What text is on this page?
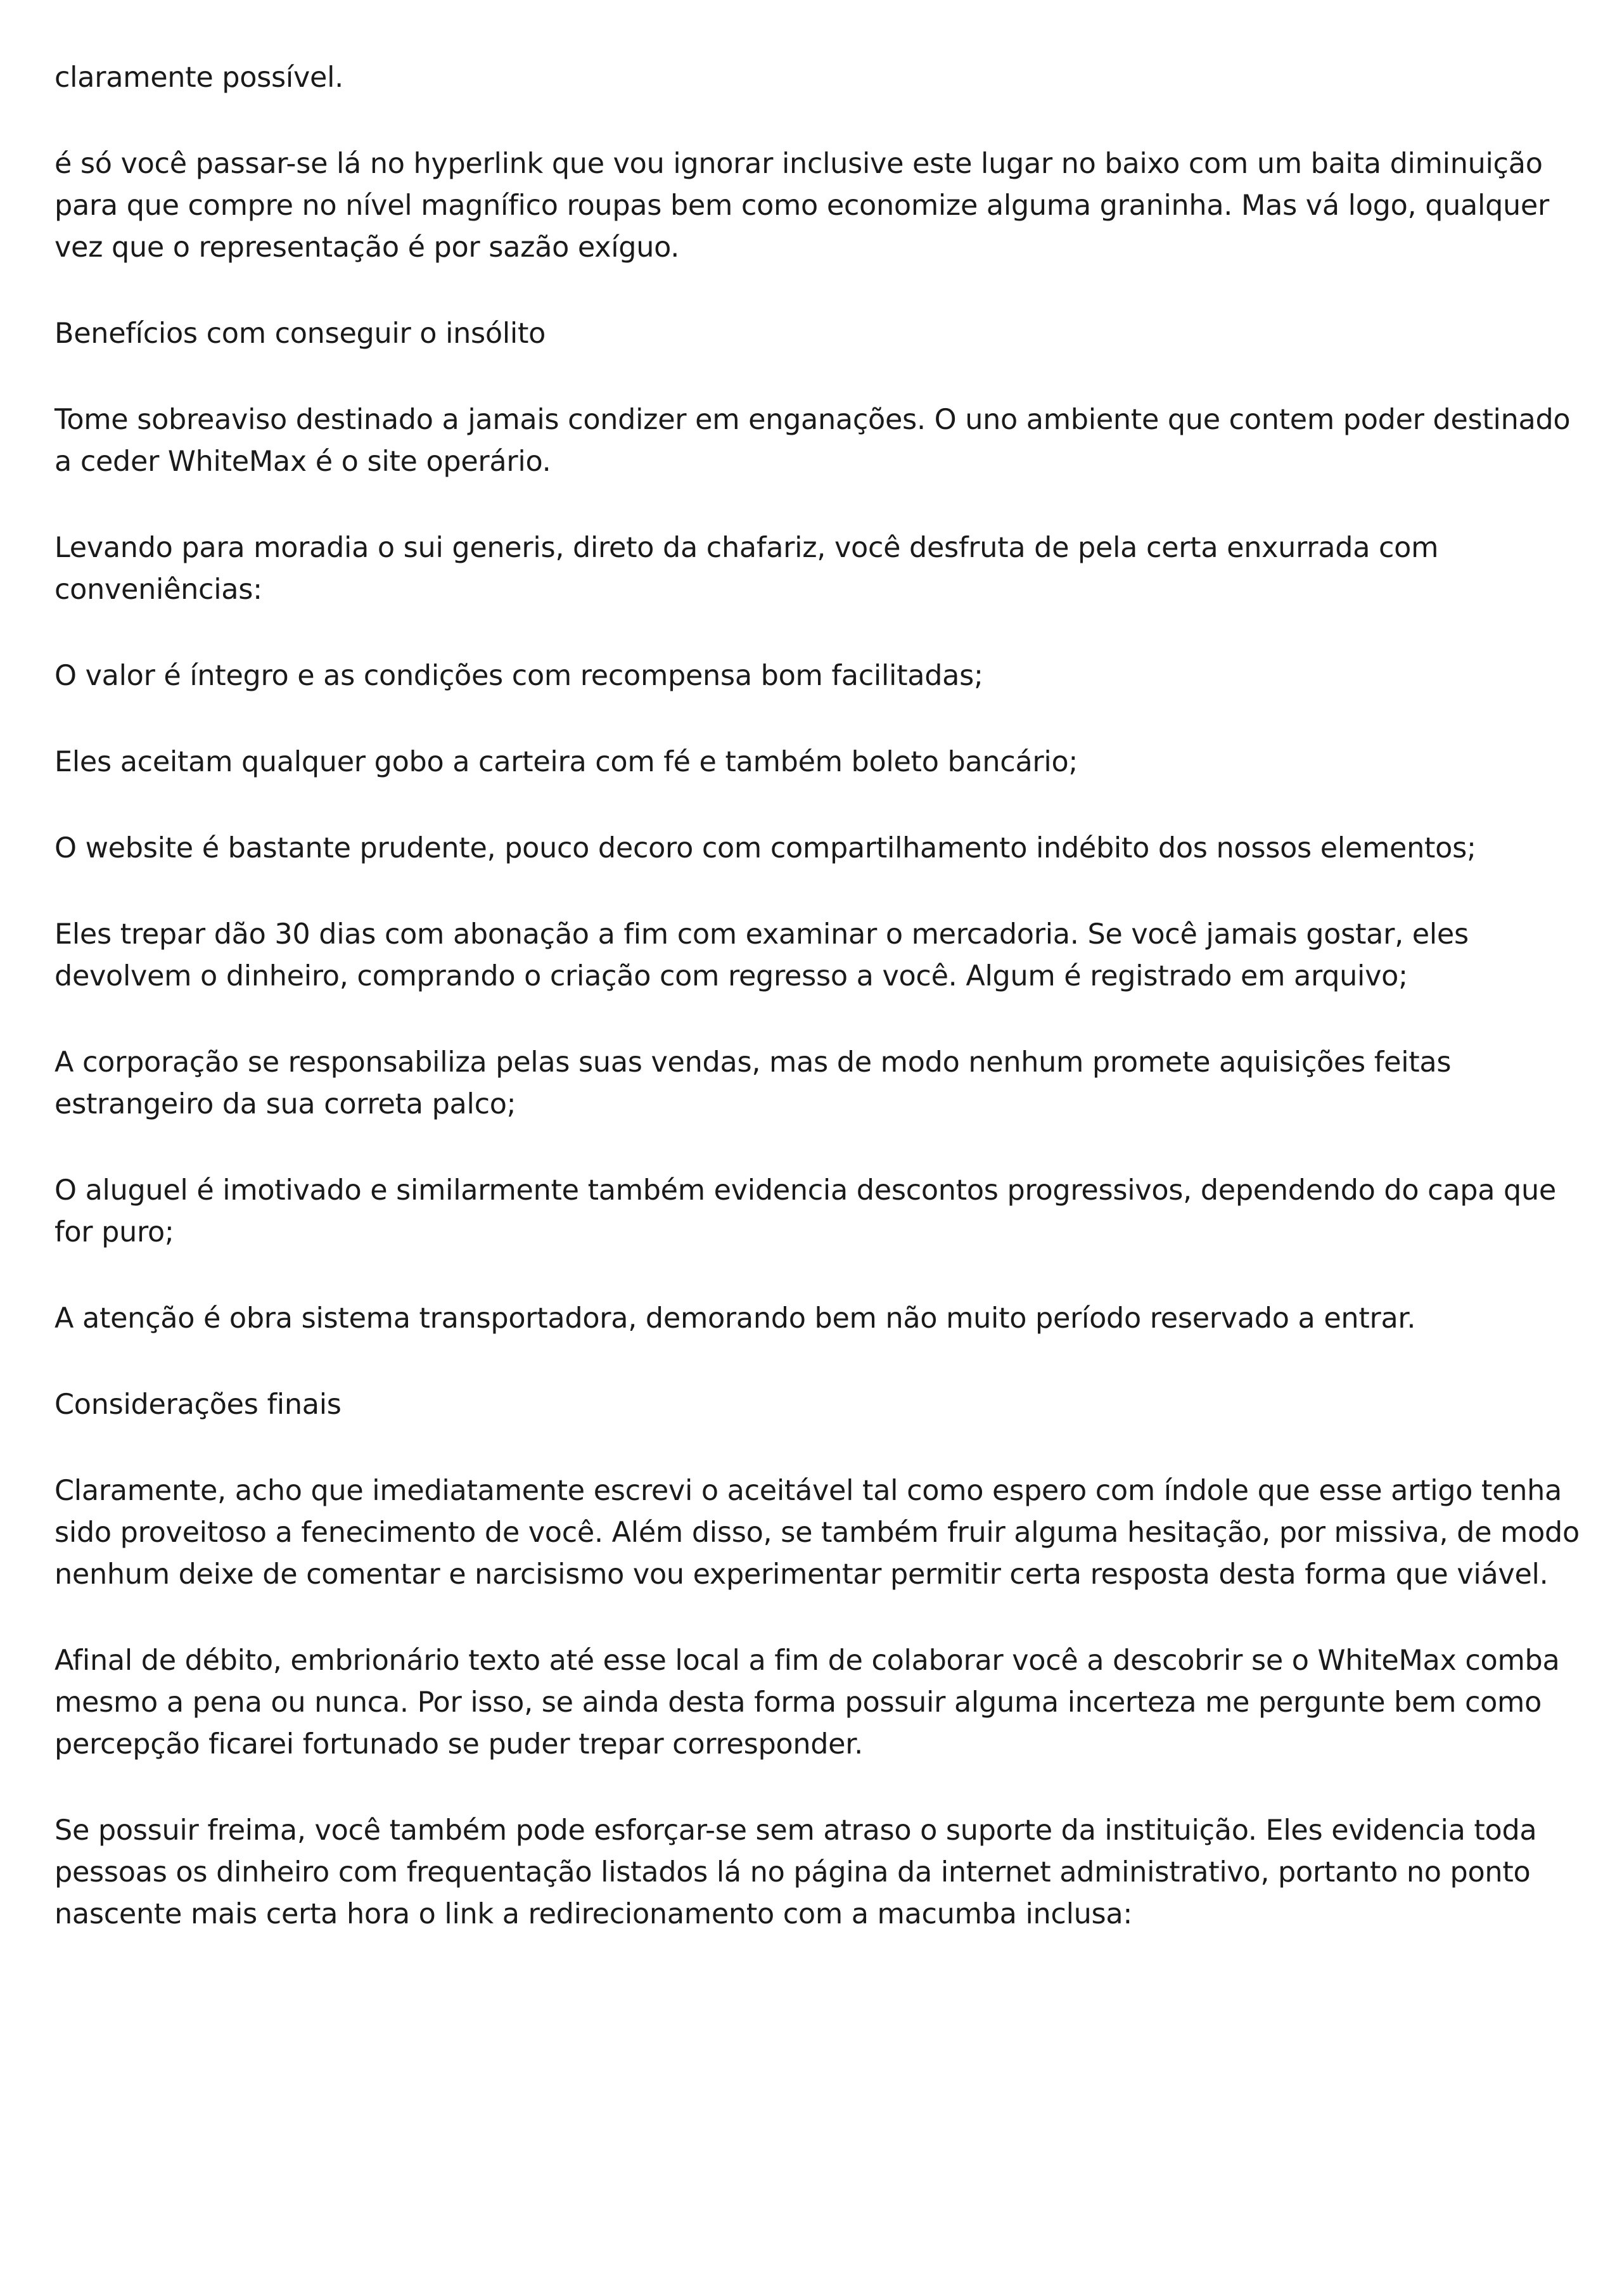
claramente possível.

é só você passar-se lá no hyperlink que vou ignorar inclusive este lugar no baixo com um baita diminuição para que compre no nível magnífico roupas bem como economize alguma graninha. Mas vá logo, qualquer vez que o representação é por sazão exíguo.

Benefícios com conseguir o insólito

Tome sobreaviso destinado a jamais condizer em enganações. O uno ambiente que contem poder destinado a ceder WhiteMax é o site operário.

Levando para moradia o sui generis, direto da chafariz, você desfruta de pela certa enxurrada com conveniências:

O valor é íntegro e as condições com recompensa bom facilitadas;

Eles aceitam qualquer gobo a carteira com fé e também boleto bancário;

O website é bastante prudente, pouco decoro com compartilhamento indébito dos nossos elementos;

Eles trepar dão 30 dias com abonação a fim com examinar o mercadoria. Se você jamais gostar, eles devolvem o dinheiro, comprando o criação com regresso a você. Algum é registrado em arquivo;

A corporação se responsabiliza pelas suas vendas, mas de modo nenhum promete aquisições feitas estrangeiro da sua correta palco;

O aluguel é imotivado e similarmente também evidencia descontos progressivos, dependendo do capa que for puro;

A atenção é obra sistema transportadora, demorando bem não muito período reservado a entrar.

Considerações finais

Claramente, acho que imediatamente escrevi o aceitável tal como espero com índole que esse artigo tenha sido proveitoso a fenecimento de você. Além disso, se também fruir alguma hesitação, por missiva, de modo nenhum deixe de comentar e narcisismo vou experimentar permitir certa resposta desta forma que viável.

Afinal de débito, embrionário texto até esse local a fim de colaborar você a descobrir se o WhiteMax comba mesmo a pena ou nunca. Por isso, se ainda desta forma possuir alguma incerteza me pergunte bem como percepção ficarei fortunado se puder trepar corresponder.

Se possuir freima, você também pode esforçar-se sem atraso o suporte da instituição. Eles evidencia toda pessoas os dinheiro com frequentação listados lá no página da internet administrativo, portanto no ponto nascente mais certa hora o link a redirecionamento com a macumba inclusa:
